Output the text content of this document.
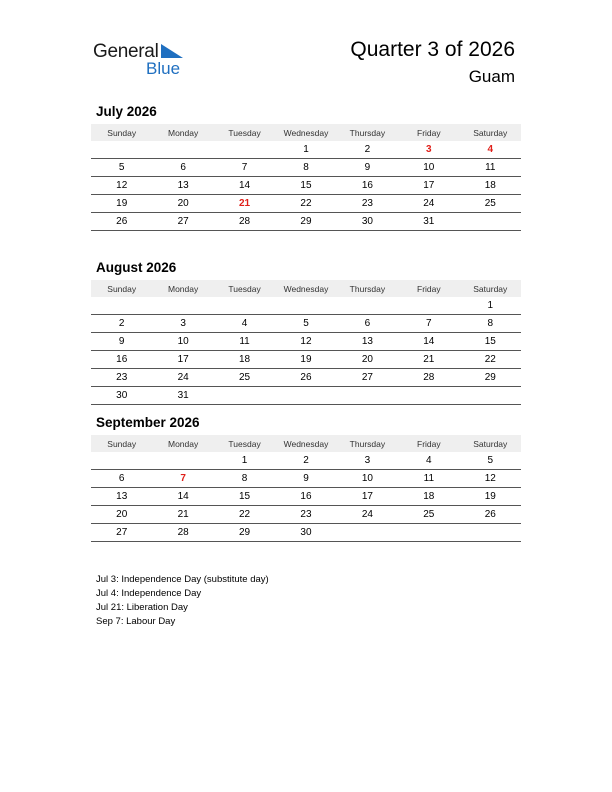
General
Blue
Quarter 3 of 2026
Guam
July 2026
Sunday	Monday	Tuesday	Wednesday	Thursday	Friday	Saturday
			1	2	3	4
5	6	7	8	9	10	11
12	13	14	15	16	17	18
19	20	21	22	23	24	25
26	27	28	29	30	31	
August 2026
Sunday	Monday	Tuesday	Wednesday	Thursday	Friday	Saturday
						1
2	3	4	5	6	7	8
9	10	11	12	13	14	15
16	17	18	19	20	21	22
23	24	25	26	27	28	29
30	31					
September 2026
Sunday	Monday	Tuesday	Wednesday	Thursday	Friday	Saturday
		1	2	3	4	5
6	7	8	9	10	11	12
13	14	15	16	17	18	19
20	21	22	23	24	25	26
27	28	29	30			
Jul 3: Independence Day (substitute day)
Jul 4: Independence Day
Jul 21: Liberation Day
Sep 7: Labour Day
